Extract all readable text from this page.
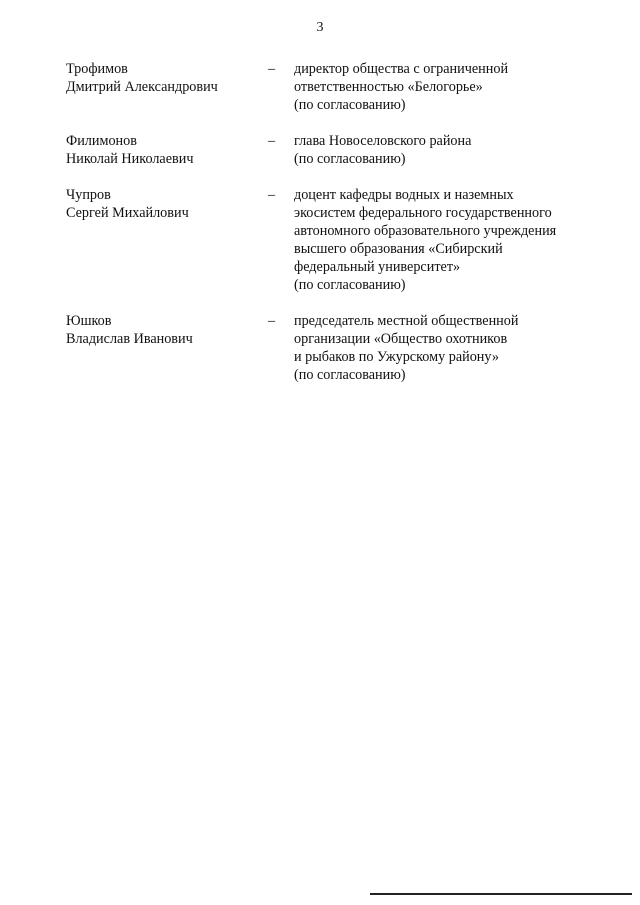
3
Трофимов
Дмитрий Александрович
–	директор общества с ограниченной
ответственностью «Белогорье»
(по согласованию)
Филимонов
Николай Николаевич
–	глава Новоселовского района
(по согласованию)
Чупров
Сергей Михайлович
–	доцент кафедры водных и наземных
экосистем федерального государственного
автономного образовательного учреждения
высшего образования «Сибирский
федеральный университет»
(по согласованию)
Юшков
Владислав Иванович
–	председатель местной общественной
организации «Общество охотников
и рыбаков по Ужурскому району»
(по согласованию)
